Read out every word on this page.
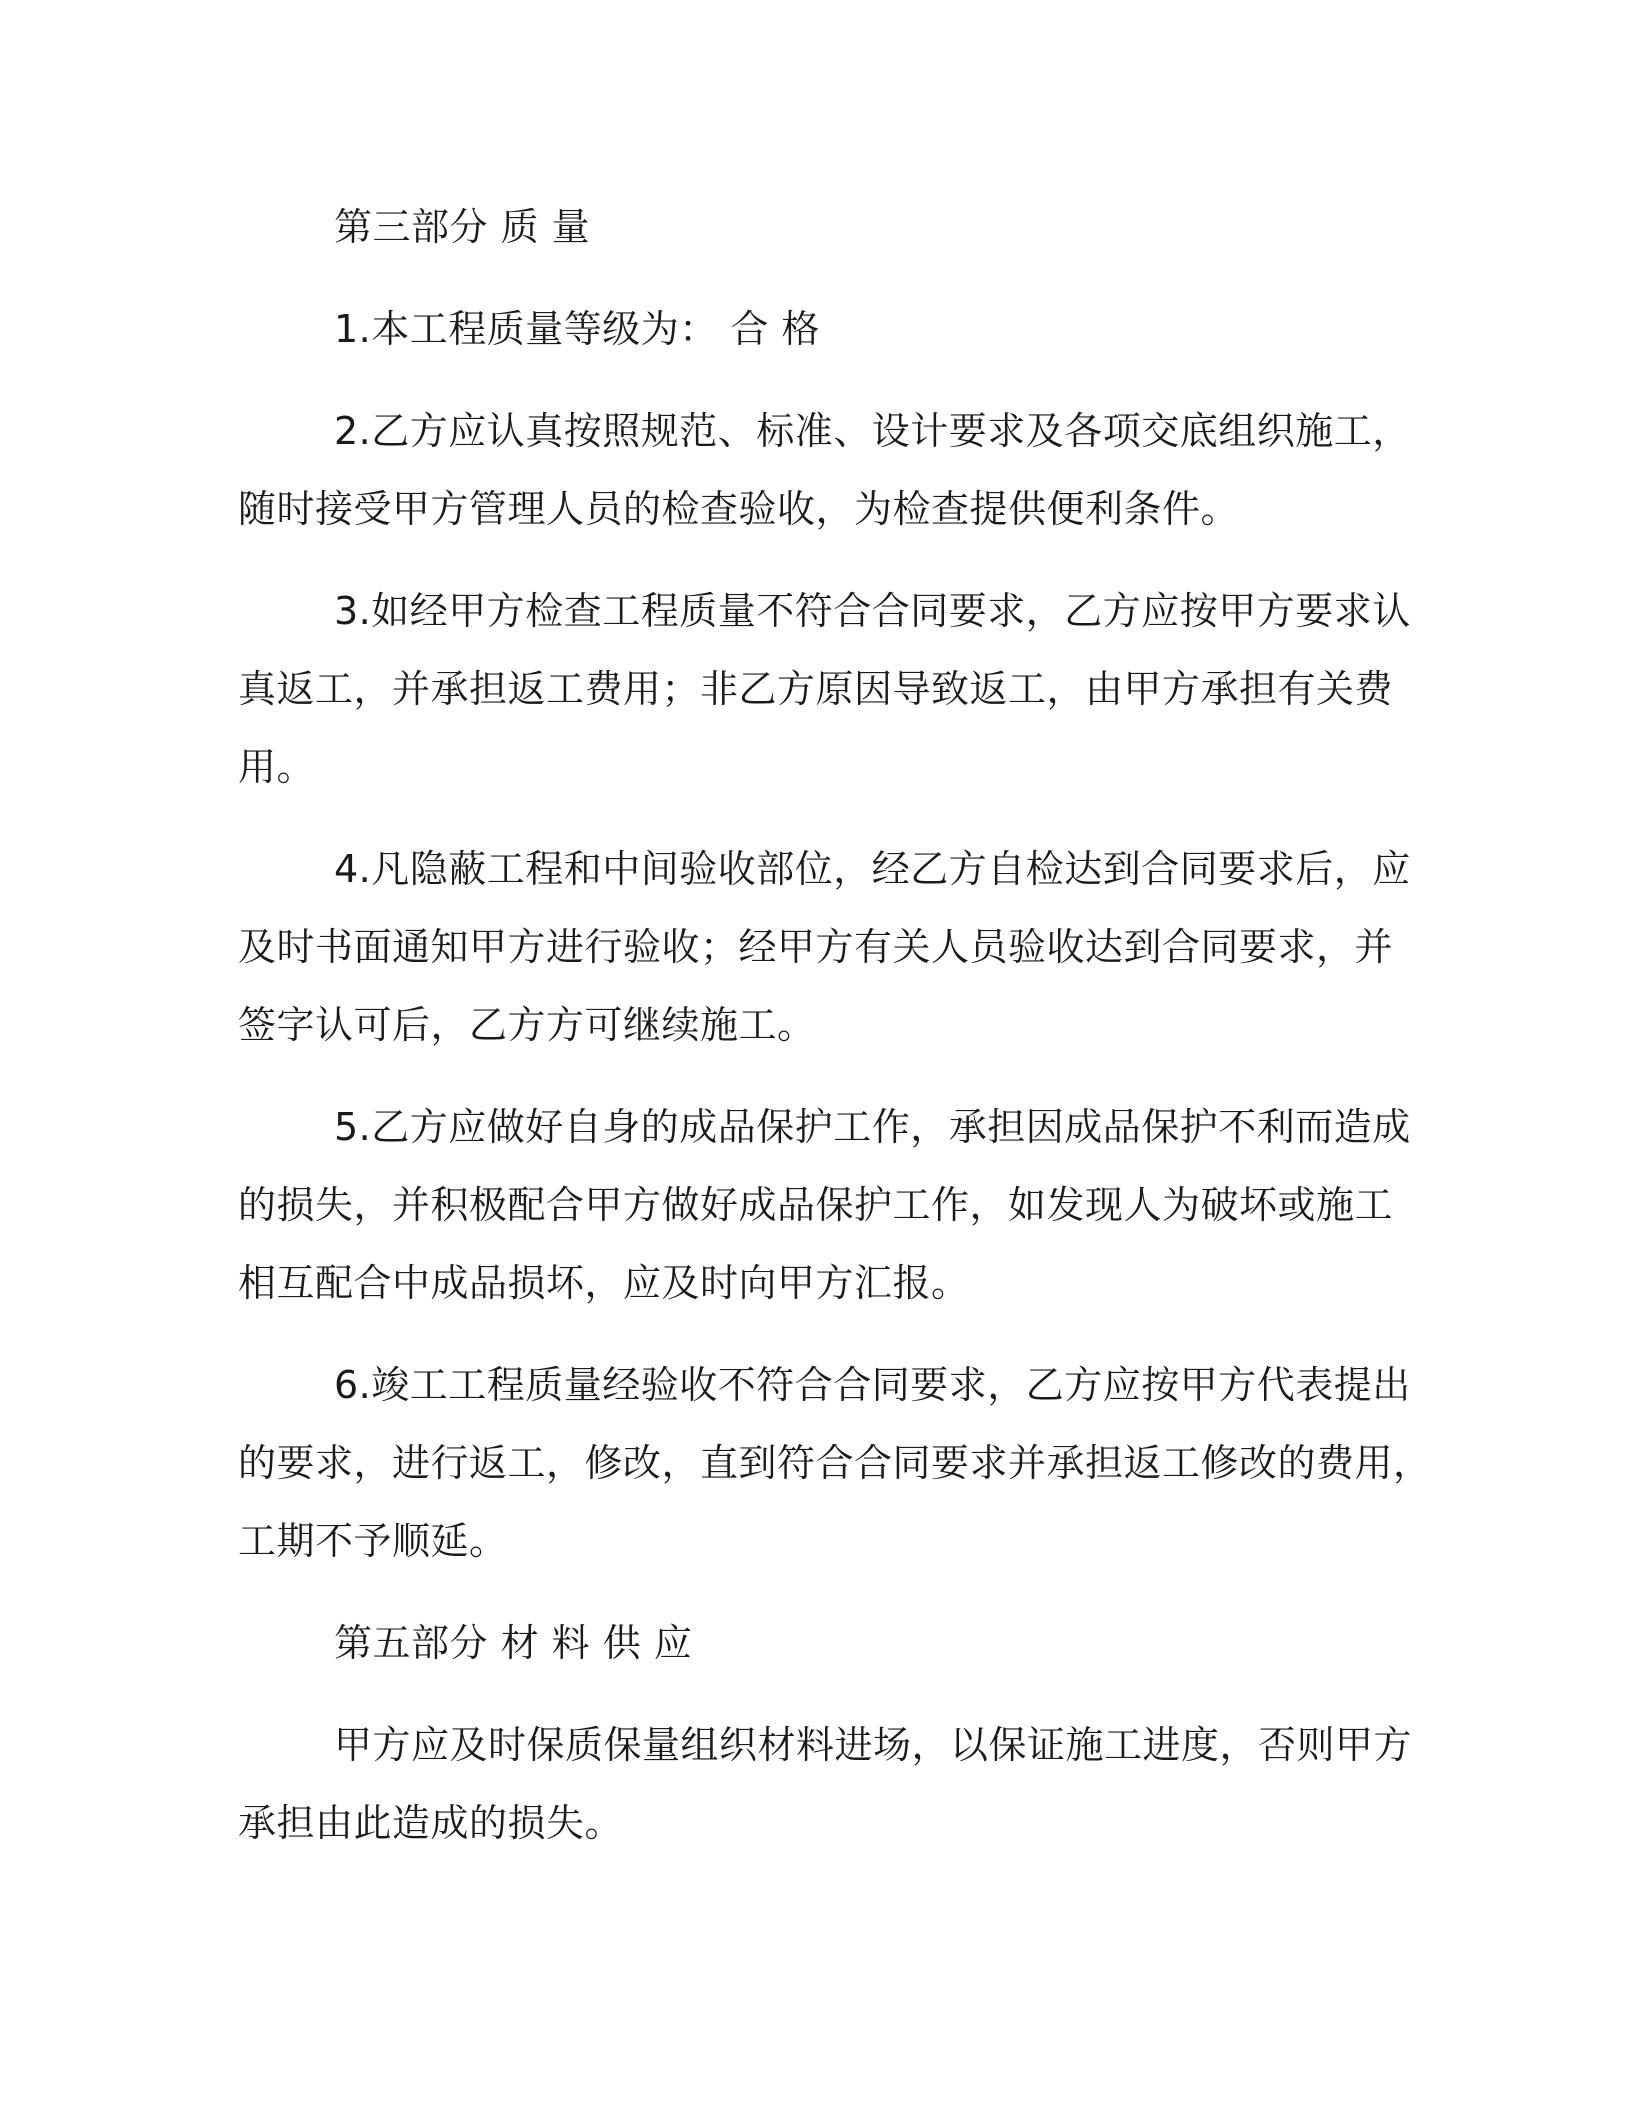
第三部分 质 量
1.本工程质量等级为： 合 格
2.乙方应认真按照规范、标准、设计要求及各项交底组织施工，
随时接受甲方管理人员的检查验收，为检查提供便利条件。
3.如经甲方检查工程质量不符合合同要求，乙方应按甲方要求认
真返工，并承担返工费用；非乙方原因导致返工，由甲方承担有关费
用。
4.凡隐蔽工程和中间验收部位，经乙方自检达到合同要求后，应
及时书面通知甲方进行验收；经甲方有关人员验收达到合同要求，并
签字认可后，乙方方可继续施工。
5.乙方应做好自身的成品保护工作，承担因成品保护不利而造成
的损失，并积极配合甲方做好成品保护工作，如发现人为破坏或施工
相互配合中成品损坏，应及时向甲方汇报。
6.竣工工程质量经验收不符合合同要求，乙方应按甲方代表提出
的要求，进行返工，修改，直到符合合同要求并承担返工修改的费用，
工期不予顺延。
第五部分 材 料 供 应
甲方应及时保质保量组织材料进场，以保证施工进度，否则甲方
承担由此造成的损失。
